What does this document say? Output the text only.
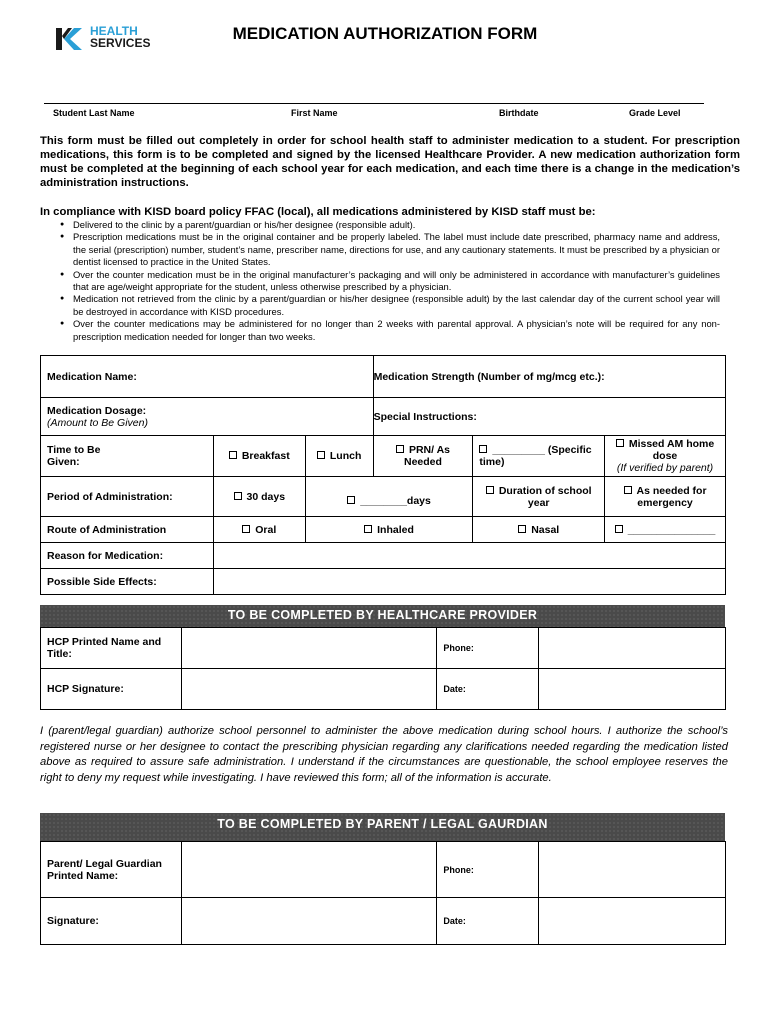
HEALTH
SERVICES	MEDICATION AUTHORIZATION FORM
Student Last Name	First Name	Birthdate	Grade Level
This form must be filled out completely in order for school health staff to administer medication to a student. For prescription medications, this form is to be completed and signed by the licensed Healthcare Provider. A new medication authorization form must be completed at the beginning of each school year for each medication, and each time there is a change in the medication’s administration instructions.
In compliance with KISD board policy FFAC (local), all medications administered by KISD staff must be:
● Delivered to the clinic by a parent/guardian or his/her designee (responsible adult).
● Prescription medications must be in the original container and be properly labeled. The label must include date prescribed, pharmacy name and address, the serial (prescription) number, student’s name, prescriber name, directions for use, and any cautionary statements. It must be prescribed by a physician or dentist licensed to practice in the United States.
● Over the counter medication must be in the original manufacturer’s packaging and will only be administered in accordance with manufacturer’s guidelines that are age/weight appropriate for the student, unless otherwise prescribed by a physician.
● Medication not retrieved from the clinic by a parent/guardian or his/her designee (responsible adult) by the last calendar day of the current school year will be destroyed in accordance with KISD procedures.
● Over the counter medications may be administered for no longer than 2 weeks with parental approval. A physician’s note will be required for any non-prescription medication needed for longer than two weeks.
Medication Name:			Medication Strength (Number of mg/mcg etc.):		

Medication Dosage:
(Amount to Be Given)			Special Instructions:		
Time to Be Given:	Breakfast	Lunch	PRN/ As Needed	_________ (Specific time)	Missed AM home dose
(If verified by parent)

Period of Administration:	30 days	________days		Duration of school year	As needed for emergency
Route of Administration	Oral	Inhaled		Nasal	_______________
Reason for Medication:					
Possible Side Effects:					
TO BE COMPLETED BY HEALTHCARE PROVIDER
HCP Printed Name and Title:		Phone:	
HCP Signature:		Date:	
I (parent/legal guardian) authorize school personnel to administer the above medication during school hours. I authorize the school’s registered nurse or her designee to contact the prescribing physician regarding any clarifications needed regarding the medication listed above as required to assure safe administration. I understand if the circumstances are questionable, the school employee reserves the right to deny my request while investigating. I have reviewed this form; all of the information is accurate.
TO BE COMPLETED BY PARENT / LEGAL GAURDIAN
Parent/ Legal Guardian Printed Name:		Phone:	
Signature:		Date:	
